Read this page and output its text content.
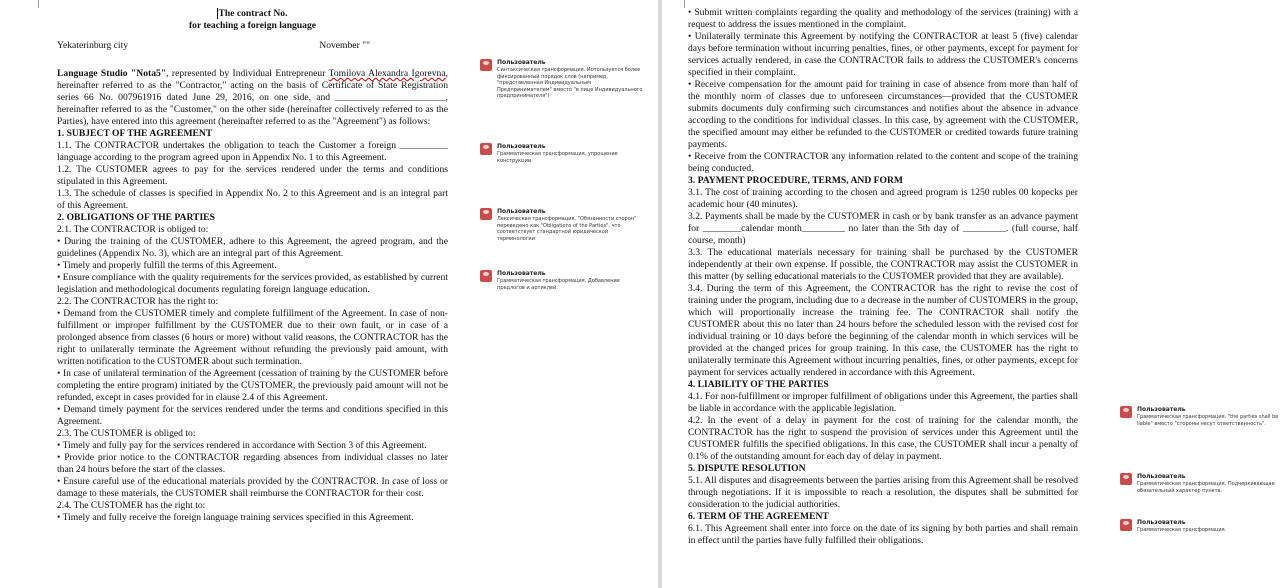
The contract No.

for teaching a foreign language

Yekaterinburg city	November ""

Language Studio "Nota5", represented by Individual Entrepreneur Tomilova Alexandra Igorevna, hereinafter referred to as the "Contractor," acting on the basis of Certificate of State Registration series 66 No. 007961916 dated June 29, 2016, on one side, and _______________________, hereinafter referred to as the "Customer," on the other side (hereinafter collectively referred to as the Parties), have entered into this agreement (hereinafter referred to as the "Agreement") as follows:

1. SUBJECT OF THE AGREEMENT

1.1. The CONTRACTOR undertakes the obligation to teach the Customer a foreign __________ language according to the program agreed upon in Appendix No. 1 to this Agreement.

1.2. The CUSTOMER agrees to pay for the services rendered under the terms and conditions stipulated in this Agreement.

1.3. The schedule of classes is specified in Appendix No. 2 to this Agreement and is an integral part of this Agreement.

2. OBLIGATIONS OF THE PARTIES

2.1. The CONTRACTOR is obliged to:

• During the training of the CUSTOMER, adhere to this Agreement, the agreed program, and the guidelines (Appendix No. 3), which are an integral part of this Agreement.

• Timely and properly fulfill the terms of this Agreement.

• Ensure compliance with the quality requirements for the services provided, as established by current legislation and methodological documents regulating foreign language education.

2.2. The CONTRACTOR has the right to:

• Demand from the CUSTOMER timely and complete fulfillment of the Agreement. In case of non-fulfillment or improper fulfillment by the CUSTOMER due to their own fault, or in case of a prolonged absence from classes (6 hours or more) without valid reasons, the CONTRACTOR has the right to unilaterally terminate the Agreement without refunding the previously paid amount, with written notification to the CUSTOMER about such termination.

• In case of unilateral termination of the Agreement (cessation of training by the CUSTOMER before completing the entire program) initiated by the CUSTOMER, the previously paid amount will not be refunded, except in cases provided for in clause 2.4 of this Agreement.

• Demand timely payment for the services rendered under the terms and conditions specified in this Agreement.

2.3. The CUSTOMER is obliged to:

• Timely and fully pay for the services rendered in accordance with Section 3 of this Agreement.

• Provide prior notice to the CONTRACTOR regarding absences from individual classes no later than 24 hours before the start of the classes.

• Ensure careful use of the educational materials provided by the CONTRACTOR. In case of loss or damage to these materials, the CUSTOMER shall reimburse the CONTRACTOR for their cost.

2.4. The CUSTOMER has the right to:

• Timely and fully receive the foreign language training services specified in this Agreement.

Пользователь
Синтаксическая трансформация. Используется более фиксированный порядок слов (например, "представленная Индивидуальным Предпринимателем" вместо "в лице Индивидуального предпринимателя")
Пользователь
Грамматическая трансформация, упрощение конструкции
Пользователь
Лексическая трансформация. "Обязанности сторон" переведено как "Obligations of the Parties", что соответствует стандартной юридической терминологии
Пользователь
Грамматическая трансформация. Добавление предлогов и артиклей.

• Submit written complaints regarding the quality and methodology of the services (training) with a request to address the issues mentioned in the complaint.

• Unilaterally terminate this Agreement by notifying the CONTRACTOR at least 5 (five) calendar days before termination without incurring penalties, fines, or other payments, except for payment for services actually rendered, in case the CONTRACTOR fails to address the CUSTOMER's concerns specified in their complaint.

• Receive compensation for the amount paid for training in case of absence from more than half of the monthly norm of classes due to unforeseen circumstances—provided that the CUSTOMER submits documents duly confirming such circumstances and notifies about the absence in advance according to the conditions for individual classes. In this case, by agreement with the CUSTOMER, the specified amount may either be refunded to the CUSTOMER or credited towards future training payments.

• Receive from the CONTRACTOR any information related to the content and scope of the training being conducted.

3. PAYMENT PROCEDURE, TERMS, AND FORM

3.1. The cost of training according to the chosen and agreed program is 1250 rubles 00 kopecks per academic hour (40 minutes).

3.2. Payments shall be made by the CUSTOMER in cash or by bank transfer as an advance payment for ________calendar month_________ no later than the 5th day of _________. (full course, half course, month)

3.3. The educational materials necessary for training shall be purchased by the CUSTOMER independently at their own expense. If possible, the CONTRACTOR may assist the CUSTOMER in this matter (by selling educational materials to the CUSTOMER provided that they are available).

3.4. During the term of this Agreement, the CONTRACTOR has the right to revise the cost of training under the program, including due to a decrease in the number of CUSTOMERS in the group, which will proportionally increase the training fee. The CONTRACTOR shall notify the CUSTOMER about this no later than 24 hours before the scheduled lesson with the revised cost for individual training or 10 days before the beginning of the calendar month in which services will be provided at the changed prices for group training. In this case, the CUSTOMER has the right to unilaterally terminate this Agreement without incurring penalties, fines, or other payments, except for payment for services actually rendered in accordance with this Agreement.

4. LIABILITY OF THE PARTIES

4.1. For non-fulfillment or improper fulfillment of obligations under this Agreement, the parties shall be liable in accordance with the applicable legislation.

4.2. In the event of a delay in payment for the cost of training for the calendar month, the CONTRACTOR has the right to suspend the provision of services under this Agreement until the CUSTOMER fulfills the specified obligations. In this case, the CUSTOMER shall incur a penalty of 0.1% of the outstanding amount for each day of delay in payment.

5. DISPUTE RESOLUTION

5.1. All disputes and disagreements between the parties arising from this Agreement shall be resolved through negotiations. If it is impossible to reach a resolution, the disputes shall be submitted for consideration to the judicial authorities.

6. TERM OF THE AGREEMENT

6.1. This Agreement shall enter into force on the date of its signing by both parties and shall remain in effect until the parties have fully fulfilled their obligations.

Пользователь
Грамматическая трансформация. "the parties shall be liable" вместо "стороны несут ответственность".
Пользователь
Грамматическая трансформация. Подчеркивающая обязательный характер пункта.
Пользователь
Грамматическая трансформация.
